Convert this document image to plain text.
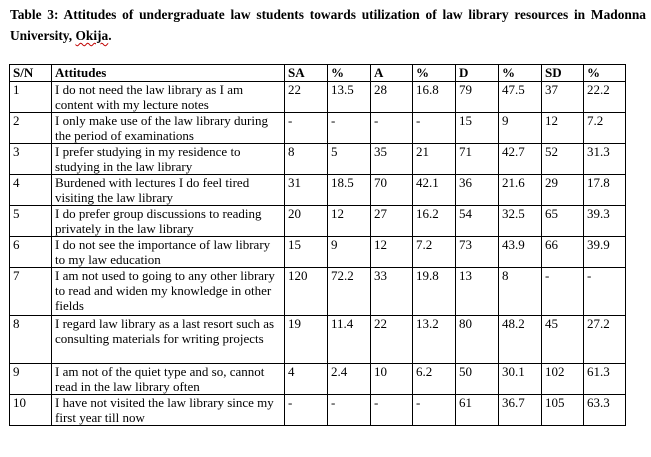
Table 3: Attitudes of undergraduate law students towards utilization of law library resources in Madonna University, Okija.
S/N	Attitudes	SA	%	A	%	D	%	SD	%
1	I do not need the law library as I am content with my lecture notes	22	13.5	28	16.8	79	47.5	37	22.2
2	I only make use of the law library during the period of examinations	-	-	-	-	15	9	12	7.2
3	I prefer studying in my residence to studying in the law library	8	5	35	21	71	42.7	52	31.3
4	Burdened with lectures I do feel tired visiting the law library	31	18.5	70	42.1	36	21.6	29	17.8
5	I do prefer group discussions to reading privately in the law library	20	12	27	16.2	54	32.5	65	39.3
6	I do not see the importance of law library to my law education	15	9	12	7.2	73	43.9	66	39.9
7	I am not used to going to any other library to read and widen my knowledge in other fields	120	72.2	33	19.8	13	8	-	-
8	I regard law library as a last resort such as consulting materials for writing projects	19	11.4	22	13.2	80	48.2	45	27.2
9	I am not of the quiet type and so, cannot read in the law library often	4	2.4	10	6.2	50	30.1	102	61.3
10	I have not visited the law library since my first year till now	-	-	-	-	61	36.7	105	63.3
